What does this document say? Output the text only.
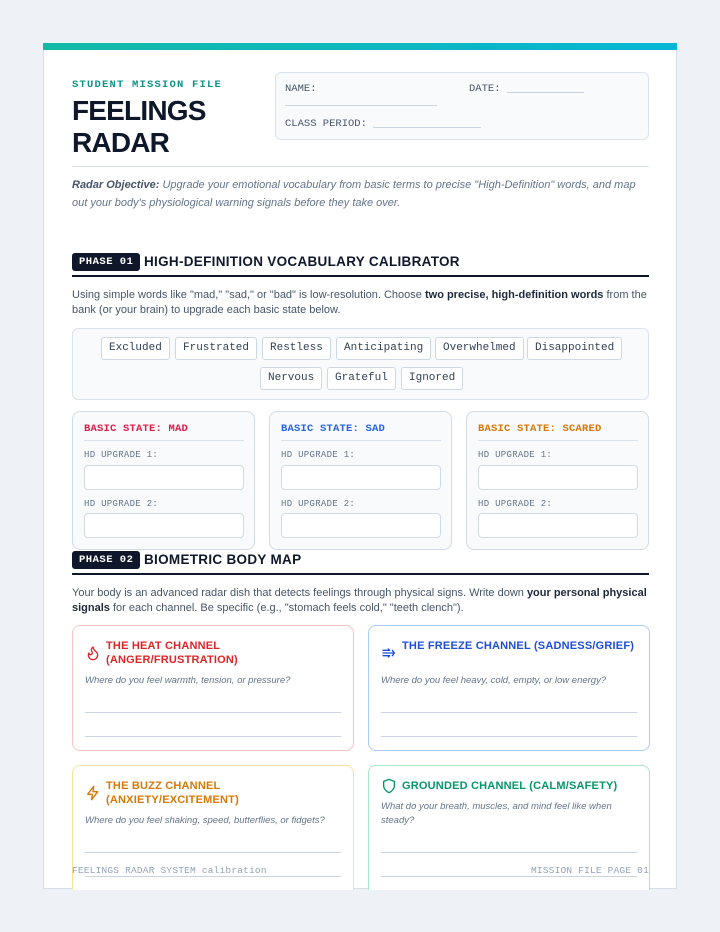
STUDENT MISSION FILE
FEELINGS RADAR
NAME:	DATE:
CLASS PERIOD:
Radar Objective: Upgrade your emotional vocabulary from basic terms to precise "High-Definition" words, and map out your body's physiological warning signals before they take over.
PHASE 01 HIGH-DEFINITION VOCABULARY CALIBRATOR
Using simple words like "mad," "sad," or "bad" is low-resolution. Choose two precise, high-definition words from the bank (or your brain) to upgrade each basic state below.
Excluded	Frustrated	Restless	Anticipating	Overwhelmed	Disappointed
Nervous	Grateful	Ignored
BASIC STATE: MAD
HD UPGRADE 1:
HD UPGRADE 2:
BASIC STATE: SAD
HD UPGRADE 1:
HD UPGRADE 2:
BASIC STATE: SCARED
HD UPGRADE 1:
HD UPGRADE 2:
PHASE 02 BIOMETRIC BODY MAP
Your body is an advanced radar dish that detects feelings through physical signs. Write down your personal physical signals for each channel. Be specific (e.g., "stomach feels cold," "teeth clench").
THE HEAT CHANNEL (ANGER/FRUSTRATION)
Where do you feel warmth, tension, or pressure?
THE FREEZE CHANNEL (SADNESS/GRIEF)
Where do you feel heavy, cold, empty, or low energy?
THE BUZZ CHANNEL (ANXIETY/EXCITEMENT)
Where do you feel shaking, speed, butterflies, or fidgets?
GROUNDED CHANNEL (CALM/SAFETY)
What do your breath, muscles, and mind feel like when steady?
FEELINGS RADAR SYSTEM calibration	MISSION FILE PAGE 01
